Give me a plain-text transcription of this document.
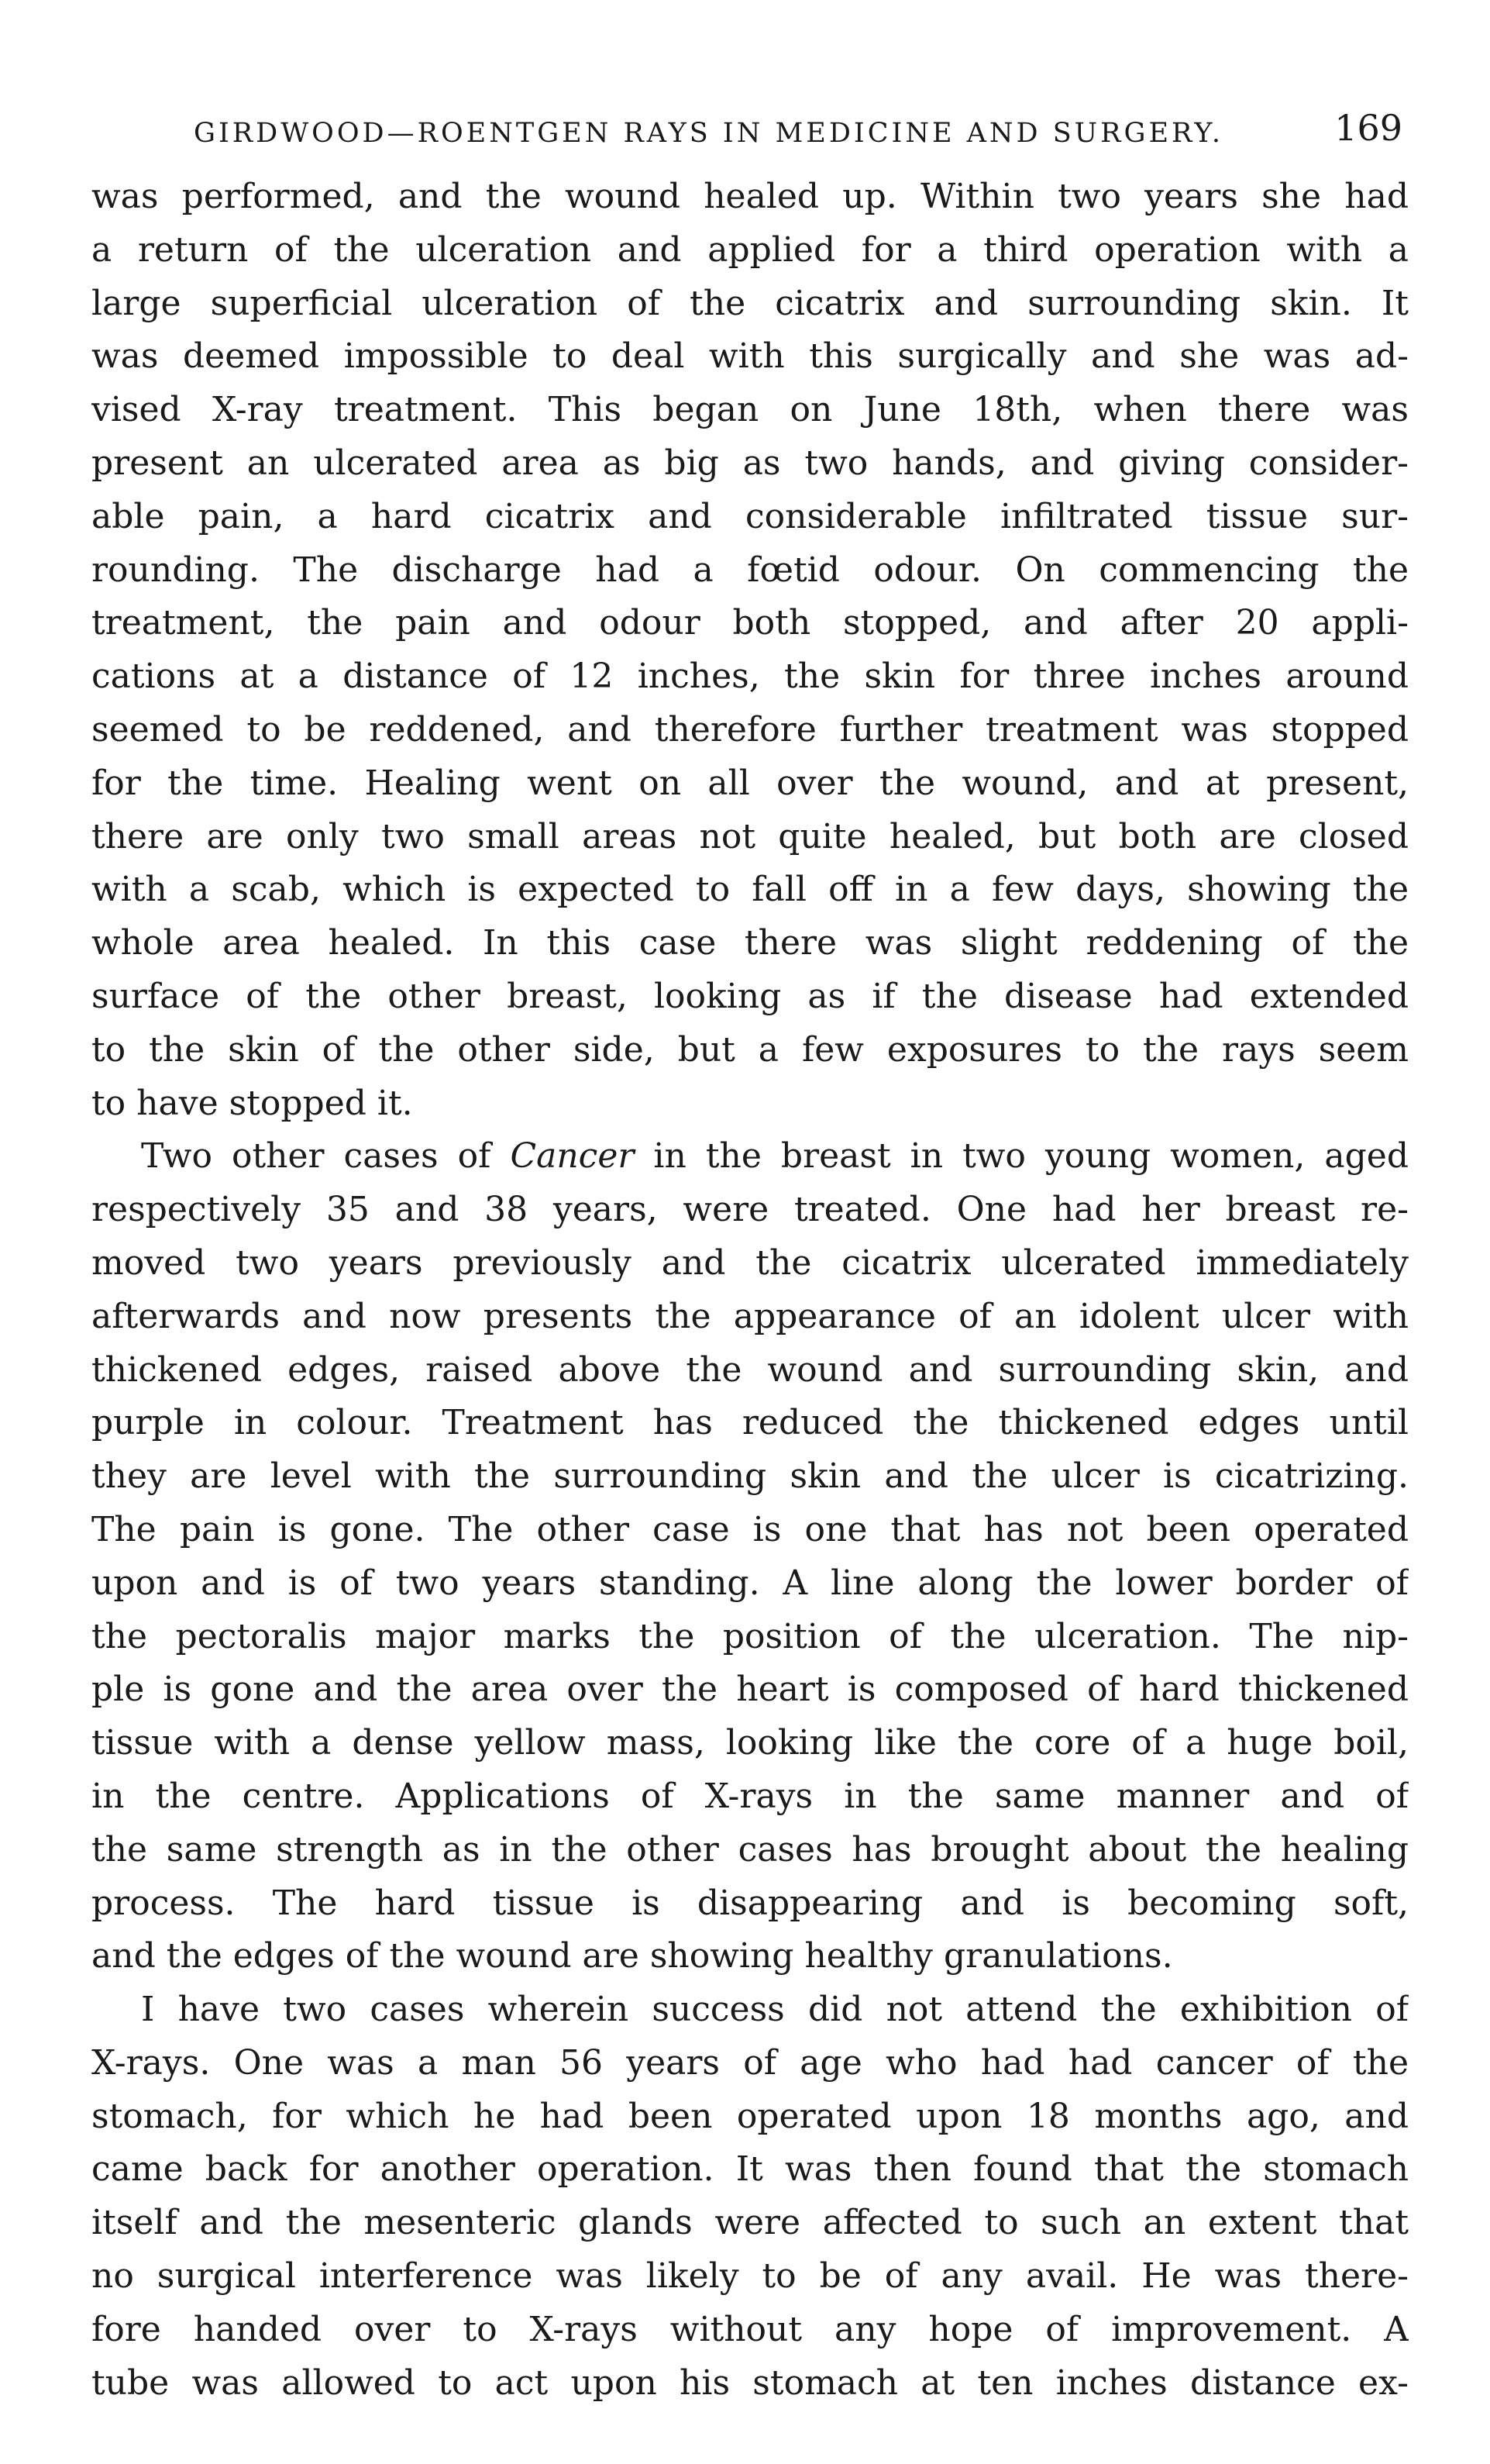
GIRDWOOD—ROENTGEN RAYS IN MEDICINE AND SURGERY.	169
was performed, and the wound healed up. Within two years she had
a return of the ulceration and applied for a third operation with a
large superficial ulceration of the cicatrix and surrounding skin. It
was deemed impossible to deal with this surgically and she was ad-
vised X-ray treatment. This began on June 18th, when there was
present an ulcerated area as big as two hands, and giving consider-
able pain, a hard cicatrix and considerable infiltrated tissue sur-
rounding. The discharge had a fœtid odour. On commencing the
treatment, the pain and odour both stopped, and after 20 appli-
cations at a distance of 12 inches, the skin for three inches around
seemed to be reddened, and therefore further treatment was stopped
for the time. Healing went on all over the wound, and at present,
there are only two small areas not quite healed, but both are closed
with a scab, which is expected to fall off in a few days, showing the
whole area healed. In this case there was slight reddening of the
surface of the other breast, looking as if the disease had extended
to the skin of the other side, but a few exposures to the rays seem
to have stopped it.
Two other cases of Cancer in the breast in two young women, aged
respectively 35 and 38 years, were treated. One had her breast re-
moved two years previously and the cicatrix ulcerated immediately
afterwards and now presents the appearance of an idolent ulcer with
thickened edges, raised above the wound and surrounding skin, and
purple in colour. Treatment has reduced the thickened edges until
they are level with the surrounding skin and the ulcer is cicatrizing.
The pain is gone. The other case is one that has not been operated
upon and is of two years standing. A line along the lower border of
the pectoralis major marks the position of the ulceration. The nip-
ple is gone and the area over the heart is composed of hard thickened
tissue with a dense yellow mass, looking like the core of a huge boil,
in the centre. Applications of X-rays in the same manner and of
the same strength as in the other cases has brought about the healing
process. The hard tissue is disappearing and is becoming soft,
and the edges of the wound are showing healthy granulations.
I have two cases wherein success did not attend the exhibition of
X-rays. One was a man 56 years of age who had had cancer of the
stomach, for which he had been operated upon 18 months ago, and
came back for another operation. It was then found that the stomach
itself and the mesenteric glands were affected to such an extent that
no surgical interference was likely to be of any avail. He was there-
fore handed over to X-rays without any hope of improvement. A
tube was allowed to act upon his stomach at ten inches distance ex-
